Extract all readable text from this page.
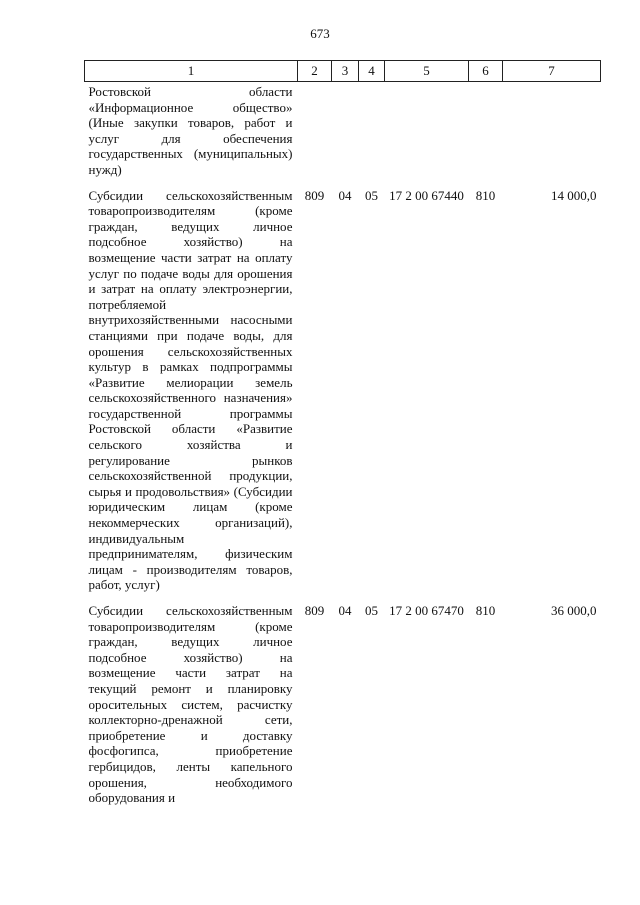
673
1	2	3	4	5	6	7
Ростовской области «Информационное общество» (Иные закупки товаров, работ и услуг для обеспечения государственных (муниципальных) нужд)						
Субсидии сельскохозяйственным товаропроизводителям (кроме граждан, ведущих личное подсобное хозяйство) на возмещение части затрат на оплату услуг по подаче воды для орошения и затрат на оплату электроэнергии, потребляемой внутрихозяйственными насосными станциями при подаче воды, для орошения сельскохозяйственных культур в рамках подпрограммы «Развитие мелиорации земель сельскохозяйственного назначения» государственной программы Ростовской области «Развитие сельского хозяйства и регулирование рынков сельскохозяйственной продукции, сырья и продовольствия» (Субсидии юридическим лицам (кроме некоммерческих организаций), индивидуальным предпринимателям, физическим лицам - производителям товаров, работ, услуг)	809	04	05	17 2 00 67440	810	14 000,0
Субсидии сельскохозяйственным товаропроизводителям (кроме граждан, ведущих личное подсобное хозяйство) на возмещение части затрат на текущий ремонт и планировку оросительных систем, расчистку коллекторно-дренажной сети, приобретение и доставку фосфогипса, приобретение гербицидов, ленты капельного орошения, необходимого оборудования и	809	04	05	17 2 00 67470	810	36 000,0
